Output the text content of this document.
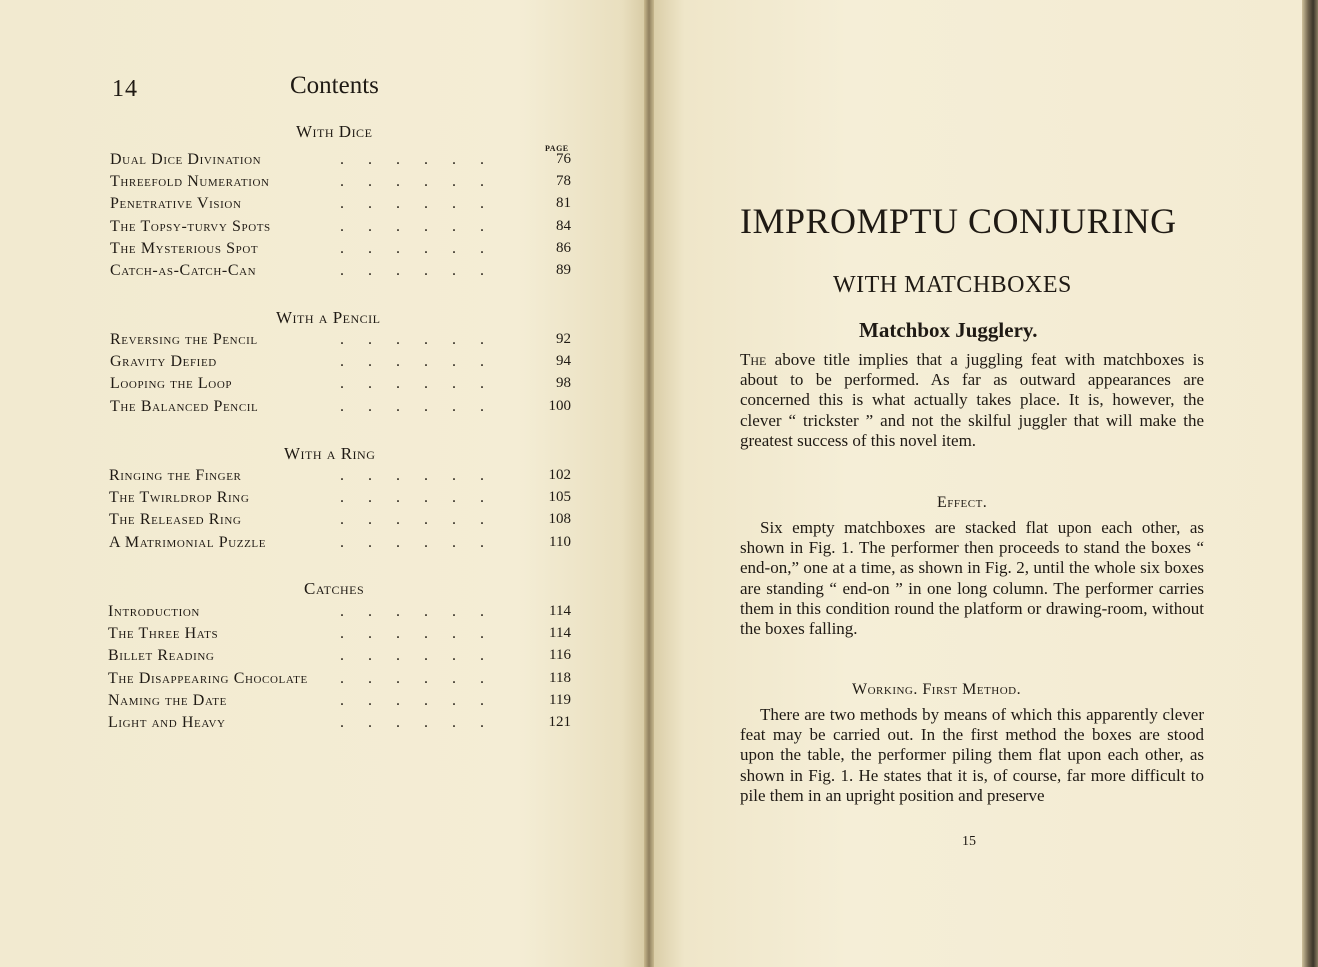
14	Contents
PAGE
With Dice
Dual Dice Divination	.  .  .  .  .  .	76
Threefold Numeration	.  .  .  .  .  .	78
Penetrative Vision	.  .  .  .  .  .	81
The Topsy-turvy Spots	.  .  .  .  .  .	84
The Mysterious Spot	.  .  .  .  .  .	86
Catch-as-Catch-Can	.  .  .  .  .  .	89
With a Pencil
Reversing the Pencil	.  .  .  .  .  .	92
Gravity Defied	.  .  .  .  .  .	94
Looping the Loop	.  .  .  .  .  .	98
The Balanced Pencil	.  .  .  .  .  .	100
With a Ring
Ringing the Finger	.  .  .  .  .  .	102
The Twirldrop Ring	.  .  .  .  .  .	105
The Released Ring	.  .  .  .  .  .	108
A Matrimonial Puzzle	.  .  .  .  .  .	110
Catches
Introduction	.  .  .  .  .  .	114
The Three Hats	.  .  .  .  .  .	114
Billet Reading	.  .  .  .  .  .	116
The Disappearing Chocolate .  .  .  .  .  .	118
Naming the Date	.  .  .  .  .  .	119
Light and Heavy	.  .  .  .  .  .	121
IMPROMPTU CONJURING
WITH MATCHBOXES
Matchbox Jugglery.
The above title implies that a juggling feat with matchboxes is about to be performed. As far as outward appearances are concerned this is what actually takes place. It is, however, the clever “ trickster ” and not the skilful juggler that will make the greatest success of this novel item.
Effect.
Six empty matchboxes are stacked flat upon each other, as shown in Fig. 1. The performer then proceeds to stand the boxes “ end-on,” one at a time, as shown in Fig. 2, until the whole six boxes are standing “ end-on ” in one long column. The performer carries them in this condition round the platform or drawing-room, without the boxes falling.
Working. First Method.
There are two methods by means of which this apparently clever feat may be carried out. In the first method the boxes are stood upon the table, the performer piling them flat upon each other, as shown in Fig. 1. He states that it is, of course, far more difficult to pile them in an upright position and preserve
15
